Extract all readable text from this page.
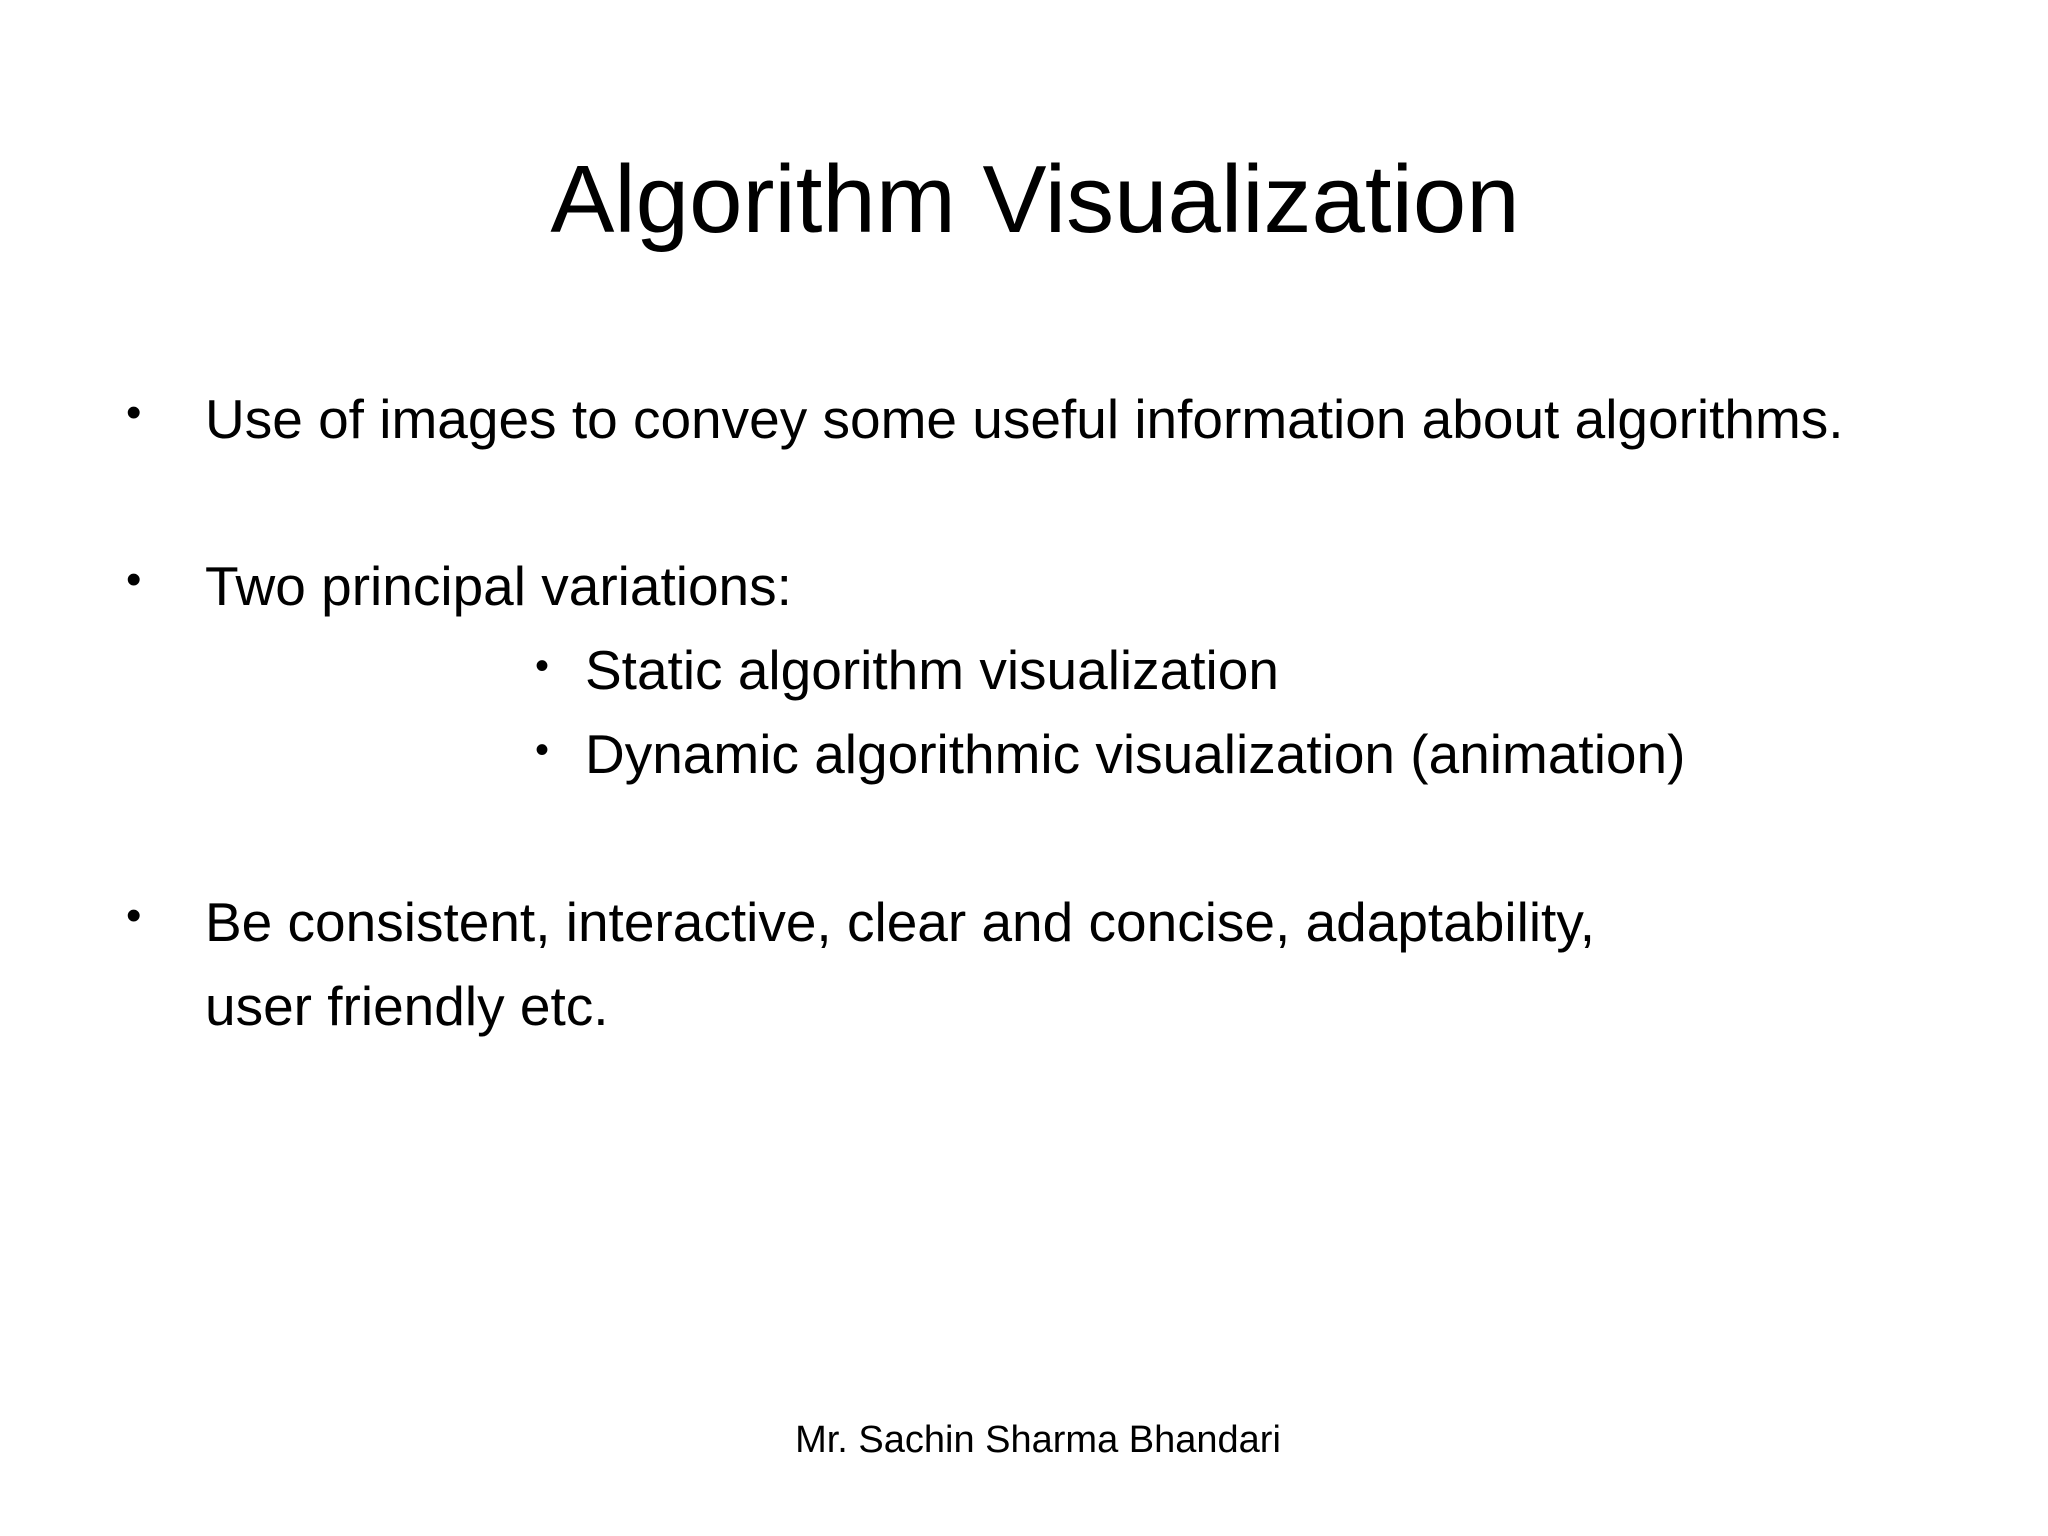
Algorithm Visualization
• Use of images to convey some useful information about algorithms.
• Two principal variations:
• Static algorithm visualization
• Dynamic algorithmic visualization (animation)
• Be consistent, interactive, clear and concise, adaptability,
user friendly etc.
Mr. Sachin Sharma Bhandari
